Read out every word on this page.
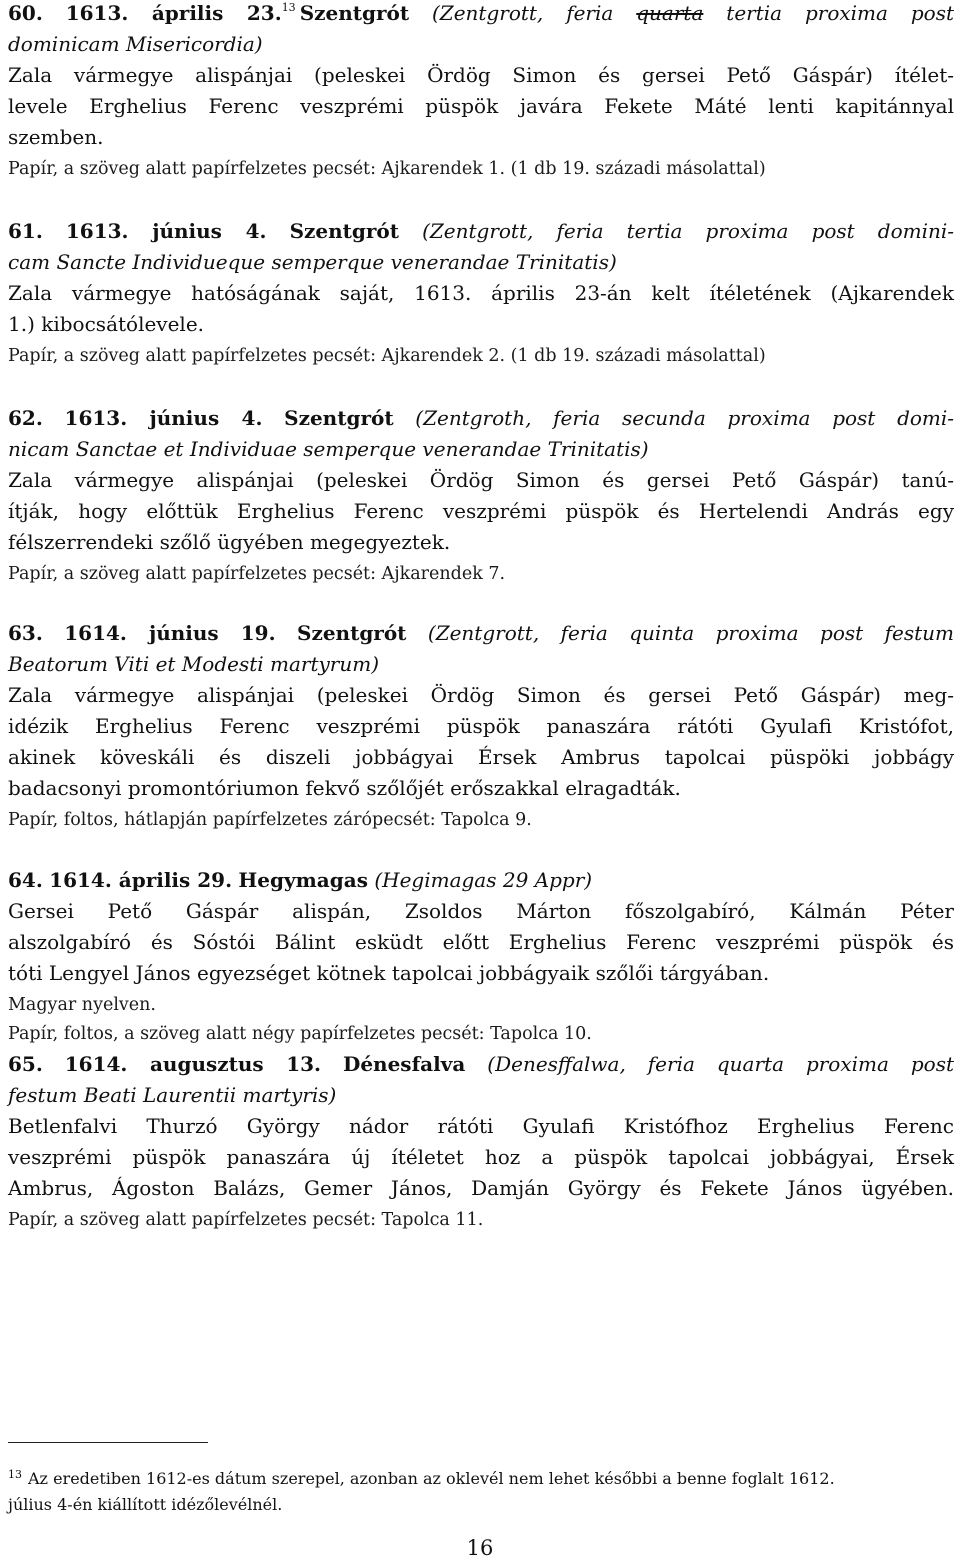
60. 1613. április 23.13 Szentgrót (Zentgrott, feria quarta tertia proxima post
dominicam Misericordia)
Zala vármegye alispánjai (peleskei Ördög Simon és gersei Pető Gáspár) ítélet-
levele Erghelius Ferenc veszprémi püspök javára Fekete Máté lenti kapitánnyal
szemben.
Papír, a szöveg alatt papírfelzetes pecsét: Ajkarendek 1. (1 db 19. századi másolattal)
61. 1613. június 4. Szentgrót (Zentgrott, feria tertia proxima post domini-
cam Sancte Individueque semperque venerandae Trinitatis)
Zala vármegye hatóságának saját, 1613. április 23-án kelt ítéletének (Ajkarendek
1.) kibocsátólevele.
Papír, a szöveg alatt papírfelzetes pecsét: Ajkarendek 2. (1 db 19. századi másolattal)
62. 1613. június 4. Szentgrót (Zentgroth, feria secunda proxima post domi-
nicam Sanctae et Individuae semperque venerandae Trinitatis)
Zala vármegye alispánjai (peleskei Ördög Simon és gersei Pető Gáspár) tanú-
ítják, hogy előttük Erghelius Ferenc veszprémi püspök és Hertelendi András egy
félszerrendeki szőlő ügyében megegyeztek.
Papír, a szöveg alatt papírfelzetes pecsét: Ajkarendek 7.
63. 1614. június 19. Szentgrót (Zentgrott, feria quinta proxima post festum
Beatorum Viti et Modesti martyrum)
Zala vármegye alispánjai (peleskei Ördög Simon és gersei Pető Gáspár) meg-
idézik Erghelius Ferenc veszprémi püspök panaszára rátóti Gyulafi Kristófot,
akinek köveskáli és diszeli jobbágyai Érsek Ambrus tapolcai püspöki jobbágy
badacsonyi promontóriumon fekvő szőlőjét erőszakkal elragadták.
Papír, foltos, hátlapján papírfelzetes zárópecsét: Tapolca 9.
64. 1614. április 29. Hegymagas (Hegimagas 29 Appr)
Gersei Pető Gáspár alispán, Zsoldos Márton főszolgabíró, Kálmán Péter
alszolgabíró és Sóstói Bálint esküdt előtt Erghelius Ferenc veszprémi püspök és
tóti Lengyel János egyezséget kötnek tapolcai jobbágyaik szőlői tárgyában.
Magyar nyelven.
Papír, foltos, a szöveg alatt négy papírfelzetes pecsét: Tapolca 10.
65. 1614. augusztus 13. Dénesfalva (Denesffalwa, feria quarta proxima post
festum Beati Laurentii martyris)
Betlenfalvi Thurzó György nádor rátóti Gyulafi Kristófhoz Erghelius Ferenc
veszprémi püspök panaszára új ítéletet hoz a püspök tapolcai jobbágyai, Érsek
Ambrus, Ágoston Balázs, Gemer János, Damján György és Fekete János ügyében.
Papír, a szöveg alatt papírfelzetes pecsét: Tapolca 11.
$^{13}$ Az eredetiben 1612-es dátum szerepel, azonban az oklevél nem lehet későbbi a benne foglalt 1612.
július 4-én kiállított idézőlevélnél.
16
